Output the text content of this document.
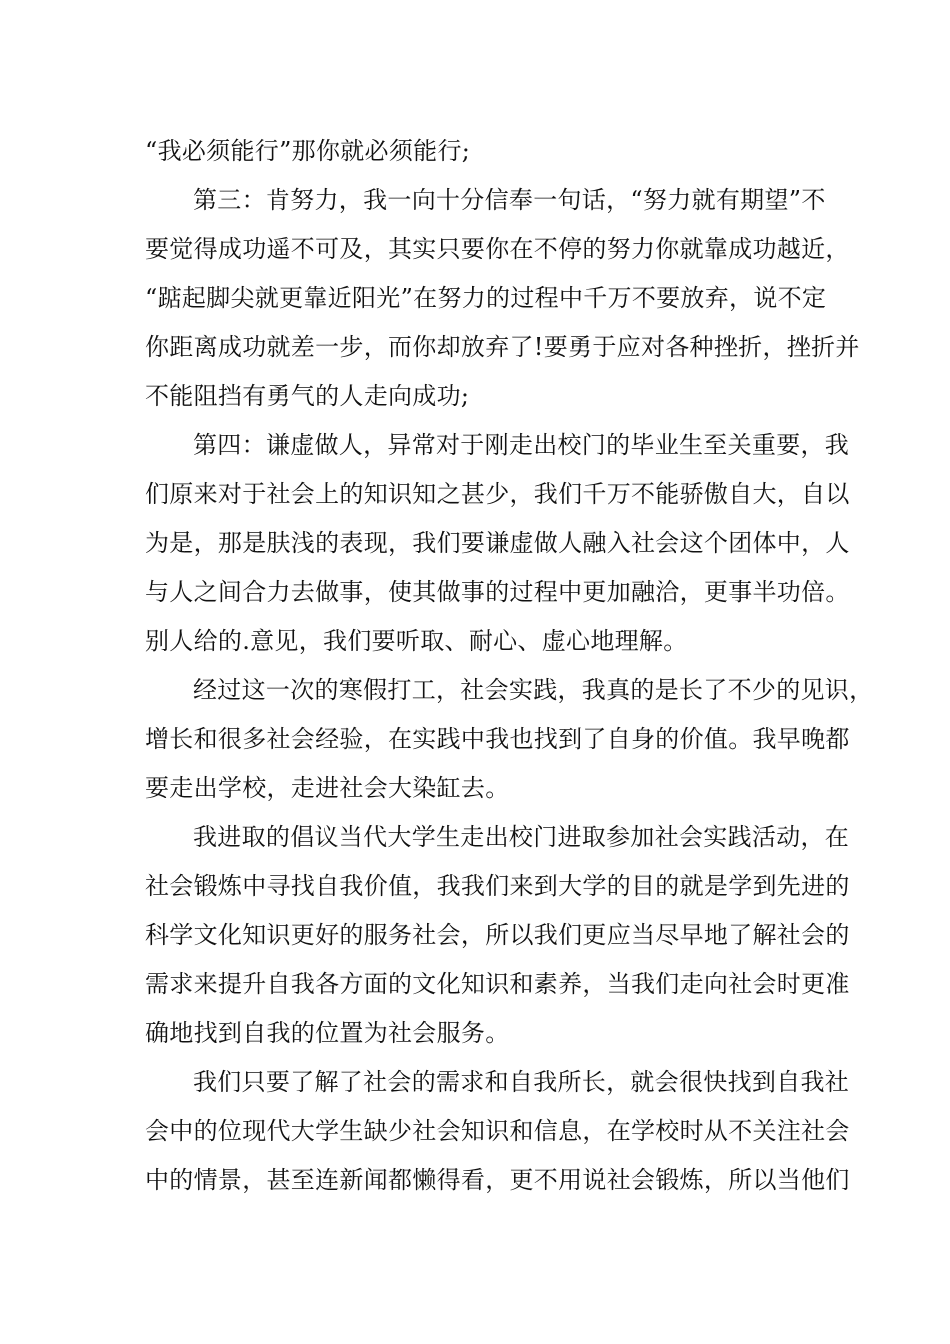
“我必须能行”那你就必须能行;
第三：肯努力，我一向十分信奉一句话，“努力就有期望”不
要觉得成功遥不可及，其实只要你在不停的努力你就靠成功越近，
“踮起脚尖就更靠近阳光”在努力的过程中千万不要放弃，说不定
你距离成功就差一步，而你却放弃了!要勇于应对各种挫折，挫折并
不能阻挡有勇气的人走向成功;
第四：谦虚做人，异常对于刚走出校门的毕业生至关重要，我
们原来对于社会上的知识知之甚少，我们千万不能骄傲自大，自以
为是，那是肤浅的表现，我们要谦虚做人融入社会这个团体中，人
与人之间合力去做事，使其做事的过程中更加融洽，更事半功倍。
别人给的.意见，我们要听取、耐心、虚心地理解。
经过这一次的寒假打工，社会实践，我真的是长了不少的见识，
增长和很多社会经验，在实践中我也找到了自身的价值。我早晚都
要走出学校，走进社会大染缸去。
我进取的倡议当代大学生走出校门进取参加社会实践活动，在
社会锻炼中寻找自我价值，我我们来到大学的目的就是学到先进的
科学文化知识更好的服务社会，所以我们更应当尽早地了解社会的
需求来提升自我各方面的文化知识和素养，当我们走向社会时更准
确地找到自我的位置为社会服务。
我们只要了解了社会的需求和自我所长，就会很快找到自我社
会中的位现代大学生缺少社会知识和信息，在学校时从不关注社会
中的情景，甚至连新闻都懒得看，更不用说社会锻炼，所以当他们
